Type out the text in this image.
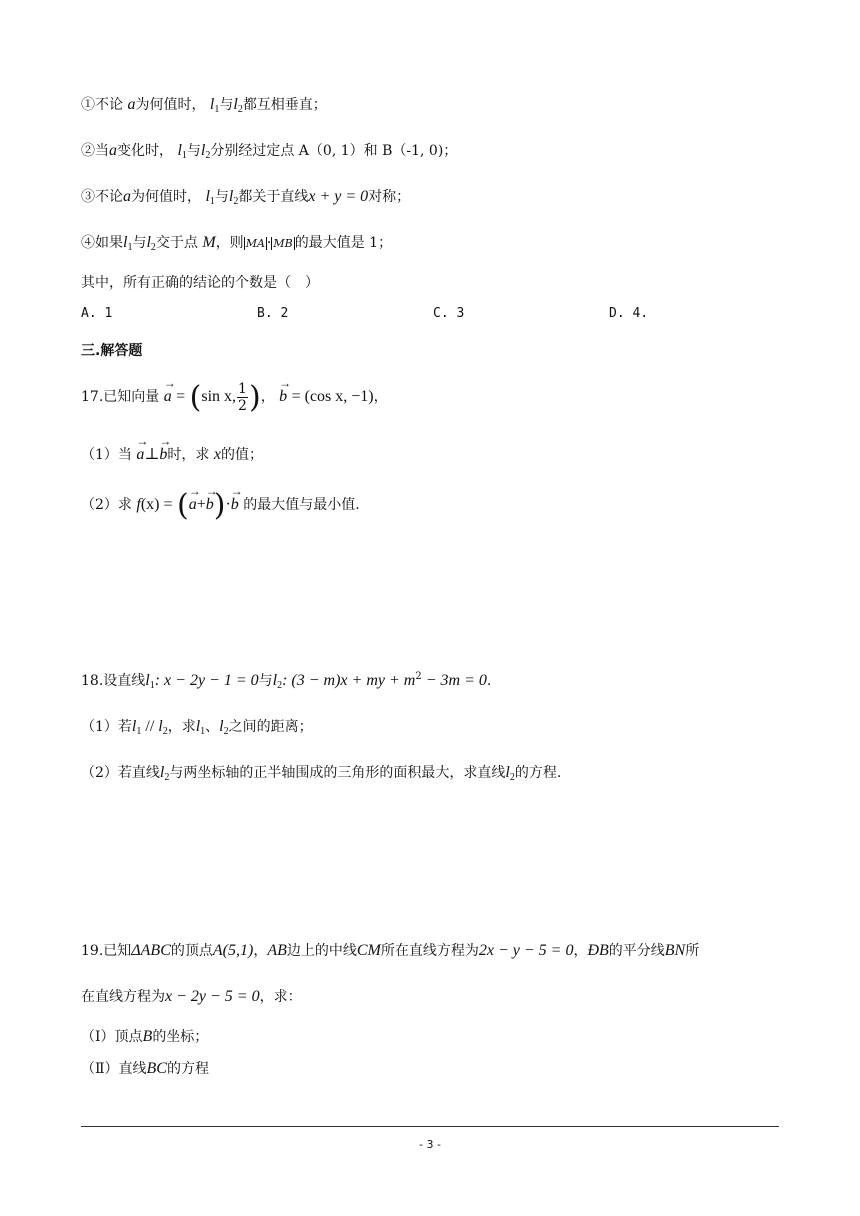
①不论 a为何值时， $l_1$与$l_2$都互相垂直；
②当a变化时， $l_1$与$l_2$分别经过定点 A（0, 1）和 B（-1, 0)；
③不论a为何值时， $l_1$与$l_2$都关于直线x + y = 0对称；
④如果$l_1$与$l_2$交于点 M，则 MA · MB 的最大值是 1；
其中，所有正确的结论的个数是（　）
A. 1	B. 2	C. 3	D. 4.
三.解答题
17.已知向量 → a = (sin x, $\frac{1}{2}$ )， → b = (cos x, −1)，
（1）当 → a⊥→ b时，求 x的值；
（2）求 f(x) = (→ a+→ b)·→ b 的最大值与最小值.
18.设直线$l_1$: x − 2y − 1 = 0与$l_2$: (3 − m)x + my + $m^2 - 3m = 0$.
（1）若$l_1 // l_2$，求$l_1$、$l_2$之间的距离；
（2）若直线$l_2$与两坐标轴的正半轴围成的三角形的面积最大，求直线$l_2$的方程.
19.已知ΔABC的顶点A(5,1)，AB边上的中线CM所在直线方程为2x − y − 5 = 0，ÐB的平分线BN所
在直线方程为x − 2y − 5 = 0，求：
（Ⅰ）顶点B的坐标；
（Ⅱ）直线BC的方程
- 3 -
